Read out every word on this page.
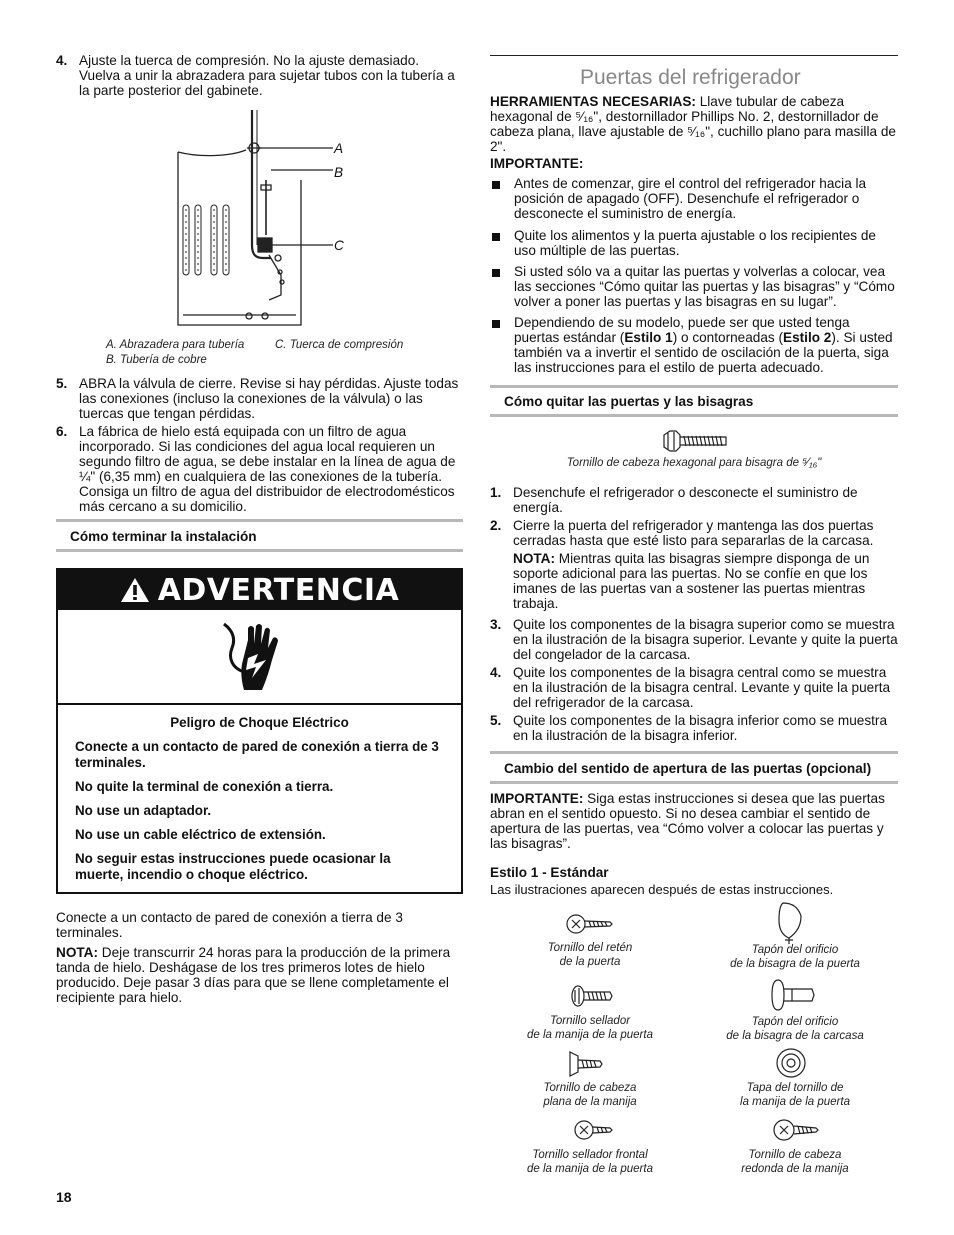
4. Ajuste la tuerca de compresión. No la ajuste demasiado. Vuelva a unir la abrazadera para sujetar tubos con la tubería a la parte posterior del gabinete.
A
B
C
A. Abrazadera para tubería
B. Tubería de cobre
C. Tuerca de compresión
5. ABRA la válvula de cierre. Revise si hay pérdidas. Ajuste todas las conexiones (incluso la conexiones de la válvula) o las tuercas que tengan pérdidas.
6. La fábrica de hielo está equipada con un filtro de agua incorporado. Si las condiciones del agua local requieren un segundo filtro de agua, se debe instalar en la línea de agua de ¼" (6,35 mm) en cualquiera de las conexiones de la tubería. Consiga un filtro de agua del distribuidor de electrodomésticos más cercano a su domicilio.
Cómo terminar la instalación
ADVERTENCIA
Peligro de Choque Eléctrico
Conecte a un contacto de pared de conexión a tierra de 3 terminales.
No quite la terminal de conexión a tierra.
No use un adaptador.
No use un cable eléctrico de extensión.
No seguir estas instrucciones puede ocasionar la muerte, incendio o choque eléctrico.
Conecte a un contacto de pared de conexión a tierra de 3 terminales.
NOTA: Deje transcurrir 24 horas para la producción de la primera tanda de hielo. Deshágase de los tres primeros lotes de hielo producido. Deje pasar 3 días para que se llene completamente el recipiente para hielo.
Puertas del refrigerador
HERRAMIENTAS NECESARIAS: Llave tubular de cabeza hexagonal de ⁵⁄₁₆", destornillador Phillips No. 2, destornillador de cabeza plana, llave ajustable de ⁵⁄₁₆", cuchillo plano para masilla de 2".
IMPORTANTE:
Antes de comenzar, gire el control del refrigerador hacia la posición de apagado (OFF). Desenchufe el refrigerador o desconecte el suministro de energía.
Quite los alimentos y la puerta ajustable o los recipientes de uso múltiple de las puertas.
Si usted sólo va a quitar las puertas y volverlas a colocar, vea las secciones “Cómo quitar las puertas y las bisagras” y “Cómo volver a poner las puertas y las bisagras en su lugar”.
Dependiendo de su modelo, puede ser que usted tenga puertas estándar (Estilo 1) o contorneadas (Estilo 2). Si usted también va a invertir el sentido de oscilación de la puerta, siga las instrucciones para el estilo de puerta adecuado.
Cómo quitar las puertas y las bisagras
Tornillo de cabeza hexagonal para bisagra de ⁵⁄₁₆"
1. Desenchufe el refrigerador o desconecte el suministro de energía.
2. Cierre la puerta del refrigerador y mantenga las dos puertas cerradas hasta que esté listo para separarlas de la carcasa.
NOTA: Mientras quita las bisagras siempre disponga de un soporte adicional para las puertas. No se confíe en que los imanes de las puertas van a sostener las puertas mientras trabaja.
3. Quite los componentes de la bisagra superior como se muestra en la ilustración de la bisagra superior. Levante y quite la puerta del congelador de la carcasa.
4. Quite los componentes de la bisagra central como se muestra en la ilustración de la bisagra central. Levante y quite la puerta del refrigerador de la carcasa.
5. Quite los componentes de la bisagra inferior como se muestra en la ilustración de la bisagra inferior.
Cambio del sentido de apertura de las puertas (opcional)
IMPORTANTE: Siga estas instrucciones si desea que las puertas abran en el sentido opuesto. Si no desea cambiar el sentido de apertura de las puertas, vea “Cómo volver a colocar las puertas y las bisagras”.
Estilo 1 - Estándar
Las ilustraciones aparecen después de estas instrucciones.
Tornillo del retén
de la puerta
Tapón del orificio
de la bisagra de la puerta
Tornillo sellador
de la manija de la puerta
Tapón del orificio
de la bisagra de la carcasa
Tornillo de cabeza
plana de la manija
Tapa del tornillo de
la manija de la puerta
Tornillo sellador frontal
de la manija de la puerta
Tornillo de cabeza
redonda de la manija
18
